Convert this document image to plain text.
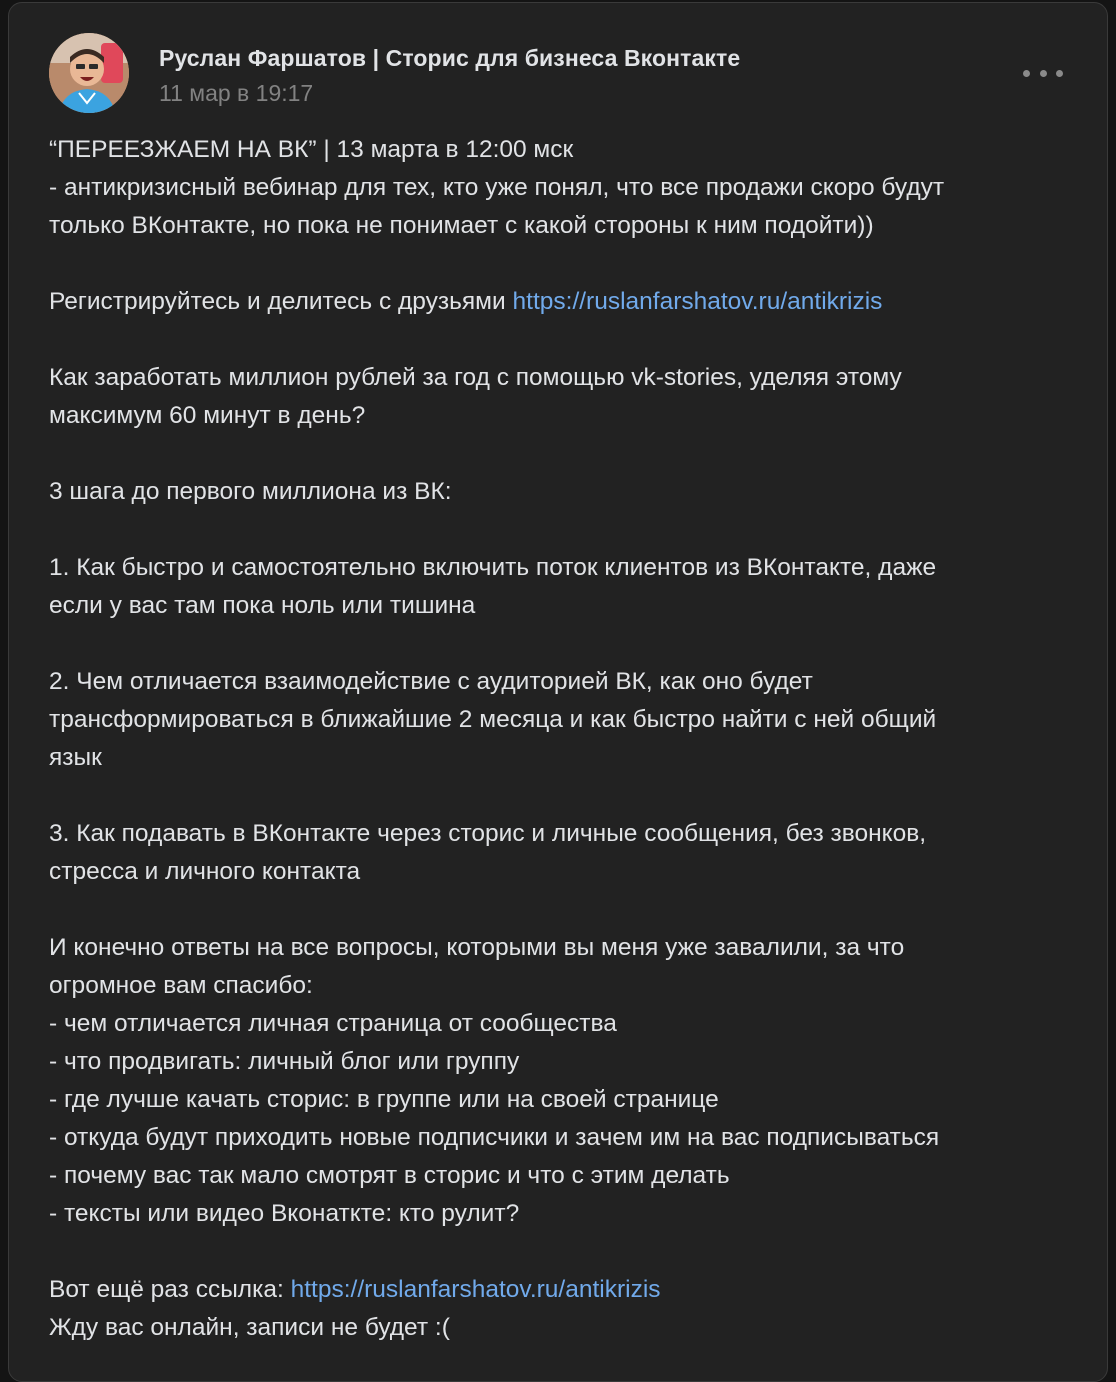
Руслан Фаршатов | Сторис для бизнеса Вконтакте
11 мар в 19:17
“ПЕРЕЕЗЖАЕМ НА ВК” | 13 марта в 12:00 мск
- антикризисный вебинар для тех, кто уже понял, что все продажи скоро будут
только ВКонтакте, но пока не понимает с какой стороны к ним подойти))
Регистрируйтесь и делитесь с друзьями https://ruslanfarshatov.ru/antikrizis
Как заработать миллион рублей за год с помощью vk-stories, уделяя этому
максимум 60 минут в день?
3 шага до первого миллиона из ВК:
1. Как быстро и самостоятельно включить поток клиентов из ВКонтакте, даже
если у вас там пока ноль или тишина
2. Чем отличается взаимодействие с аудиторией ВК, как оно будет
трансформироваться в ближайшие 2 месяца и как быстро найти с ней общий
язык
3. Как подавать в ВКонтакте через сторис и личные сообщения, без звонков,
стресса и личного контакта
И конечно ответы на все вопросы, которыми вы меня уже завалили, за что
огромное вам спасибо:
- чем отличается личная страница от сообщества
- что продвигать: личный блог или группу
- где лучше качать сторис: в группе или на своей странице
- откуда будут приходить новые подписчики и зачем им на вас подписываться
- почему вас так мало смотрят в сторис и что с этим делать
- тексты или видео Вконаткте: кто рулит?
Вот ещё раз ссылка: https://ruslanfarshatov.ru/antikrizis
Жду вас онлайн, записи не будет :(
